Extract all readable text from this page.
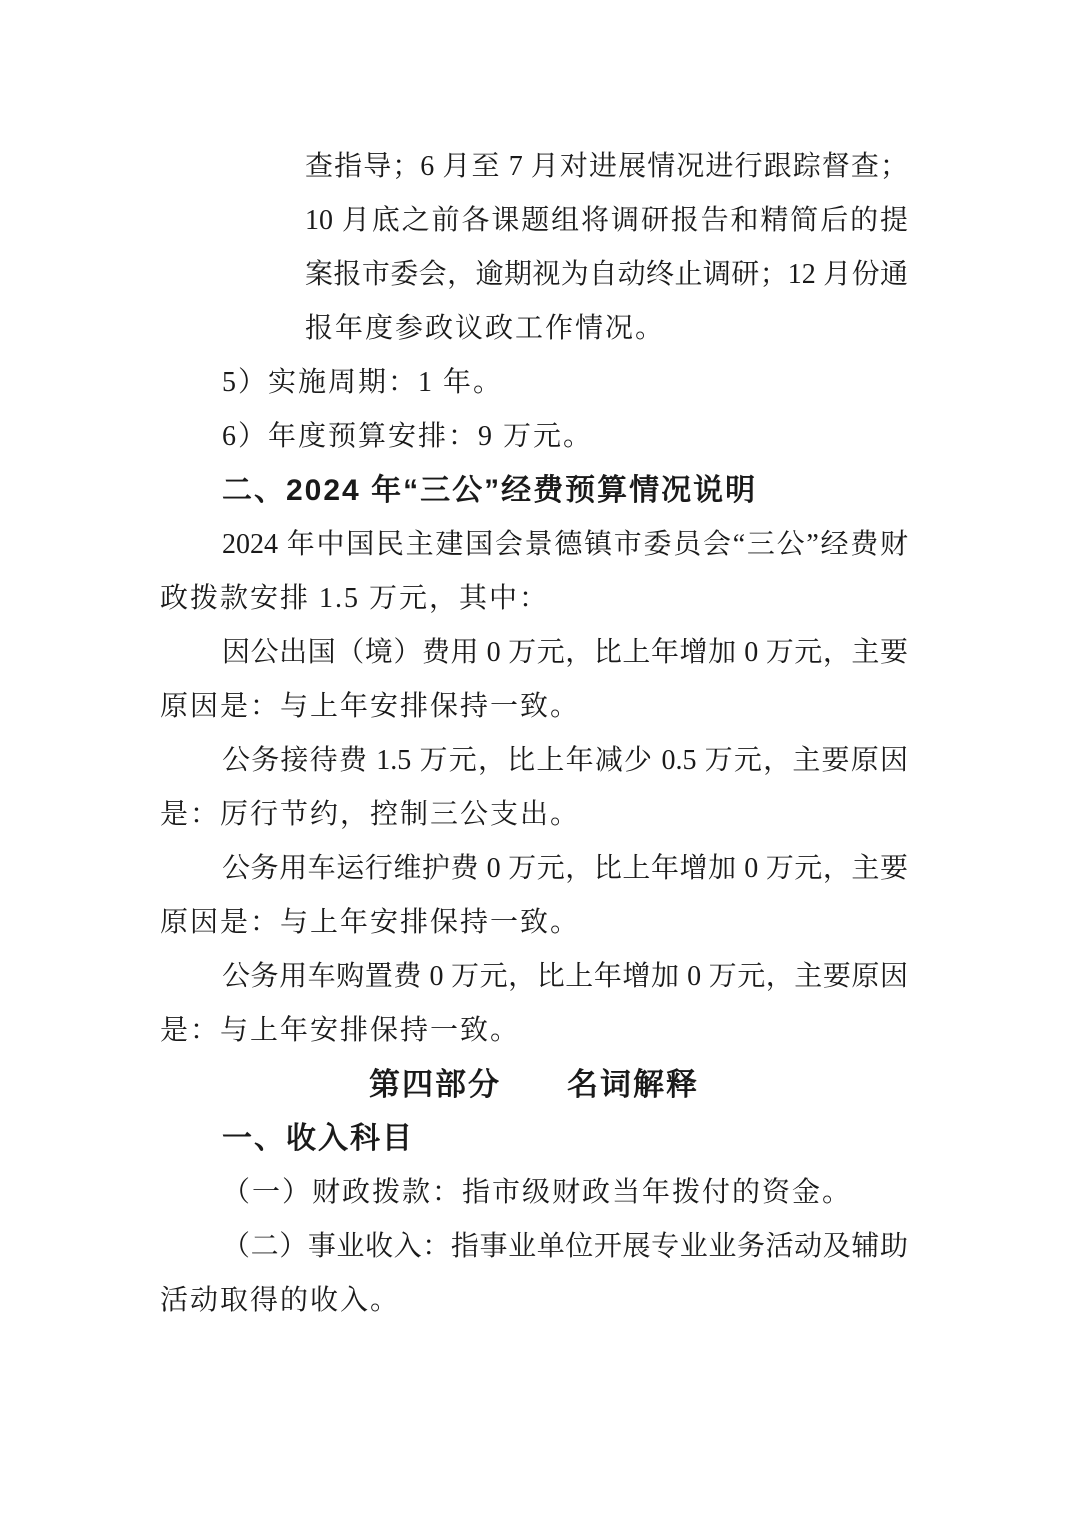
查指导；6 月至 7 月对进展情况进行跟踪督查；
10 月底之前各课题组将调研报告和精简后的提
案报市委会，逾期视为自动终止调研；12 月份通
报年度参政议政工作情况。
5）实施周期：1 年。
6）年度预算安排：9 万元。
二、2024 年“三公”经费预算情况说明
2024 年中国民主建国会景德镇市委员会“三公”经费财
政拨款安排 1.5 万元，其中：
因公出国（境）费用 0 万元，比上年增加 0 万元，主要
原因是：与上年安排保持一致。
公务接待费 1.5 万元，比上年减少 0.5 万元，主要原因
是：厉行节约，控制三公支出。
公务用车运行维护费 0 万元，比上年增加 0 万元，主要
原因是：与上年安排保持一致。
公务用车购置费 0 万元，比上年增加 0 万元，主要原因
是：与上年安排保持一致。
第四部分　　名词解释
一、收入科目
（一）财政拨款：指市级财政当年拨付的资金。
（二）事业收入：指事业单位开展专业业务活动及辅助
活动取得的收入。
